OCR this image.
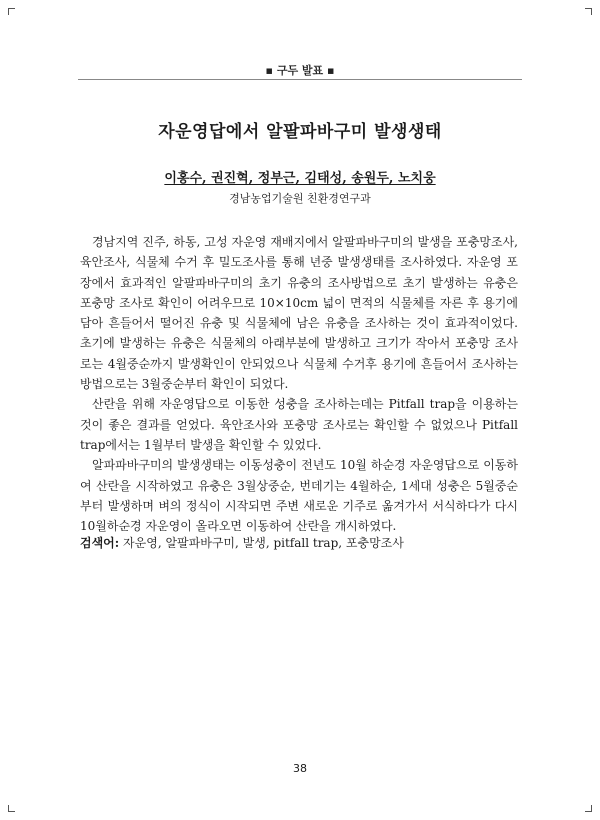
▪ 구두 발표 ▪
자운영답에서 알팔파바구미 발생생태
이홍수, 권진혁, 정부근, 김태성, 송원두, 노치웅
경남농업기술원 친환경연구과

경남지역 진주, 하동, 고성 자운영 재배지에서 알팔파바구미의 발생을 포충망조사, 육안조사, 식물체 수거 후 밀도조사를 통해 년중 발생생태를 조사하였다. 자운영 포장에서 효과적인 알팔파바구미의 초기 유충의 조사방법으로 초기 발생하는 유충은 포충망 조사로 확인이 어려우므로 10×10cm 넓이 면적의 식물체를 자른 후 용기에 담아 흔들어서 떨어진 유충 및 식물체에 남은 유충을 조사하는 것이 효과적이었다. 초기에 발생하는 유충은 식물체의 아래부분에 발생하고 크기가 작아서 포충망 조사로는 4월중순까지 발생확인이 안되었으나 식물체 수거후 용기에 흔들어서 조사하는 방법으로는 3월중순부터 확인이 되었다.

산란을 위해 자운영답으로 이동한 성충을 조사하는데는 Pitfall trap을 이용하는 것이 좋은 결과를 얻었다. 육안조사와 포충망 조사로는 확인할 수 없었으나 Pitfall trap에서는 1월부터 발생을 확인할 수 있었다.

알파파바구미의 발생생태는 이동성충이 전년도 10월 하순경 자운영답으로 이동하여 산란을 시작하였고 유충은 3월상중순, 번데기는 4월하순, 1세대 성충은 5월중순부터 발생하며 벼의 정식이 시작되면 주변 새로운 기주로 옮겨가서 서식하다가 다시 10월하순경 자운영이 올라오면 이동하여 산란을 개시하였다.

검색어: 자운영, 알팔파바구미, 발생, pitfall trap, 포충망조사
38
